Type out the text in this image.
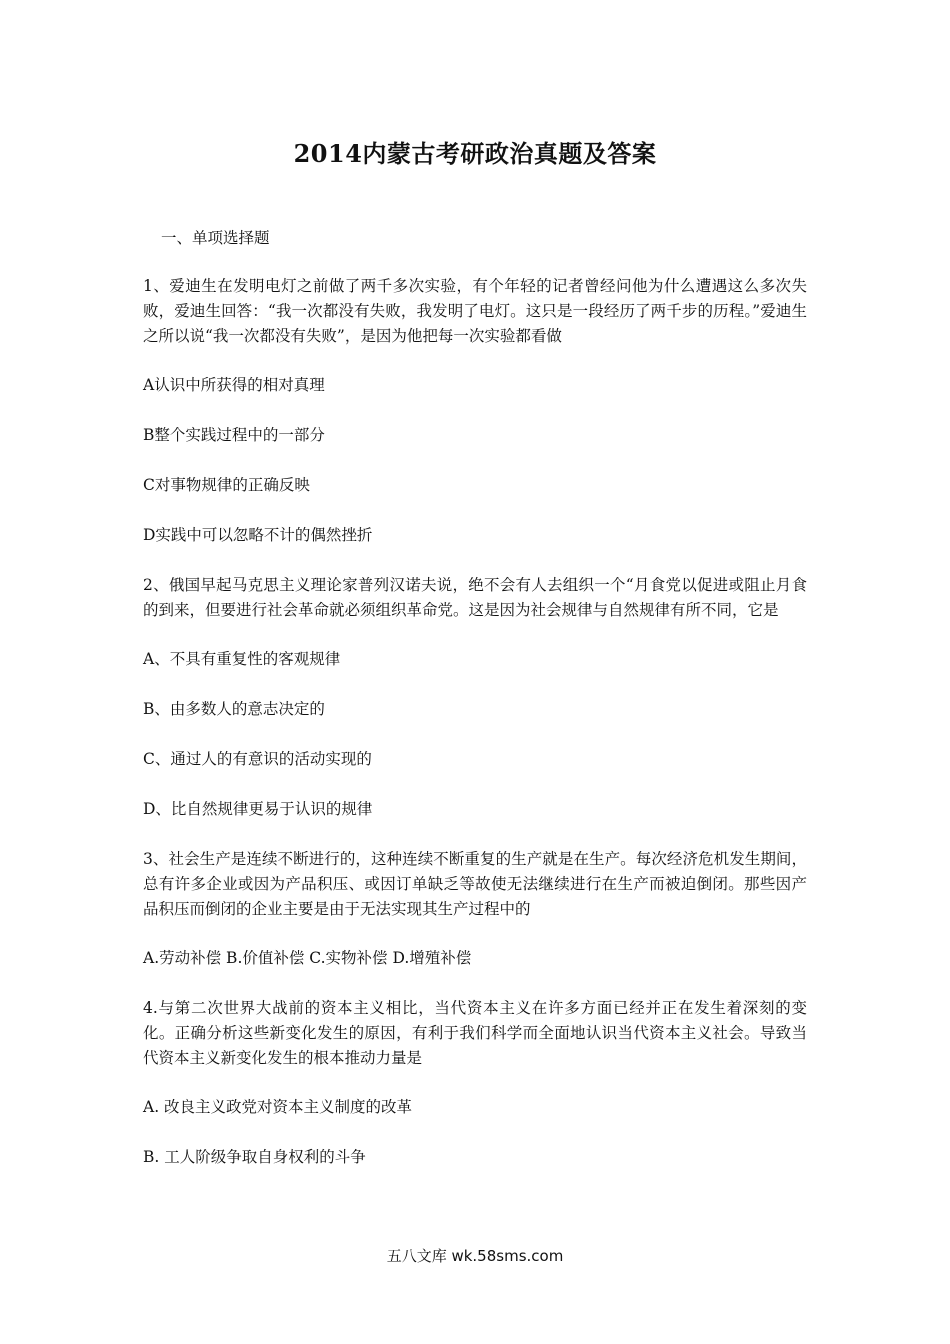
2014内蒙古考研政治真题及答案

一、单项选择题

1、爱迪生在发明电灯之前做了两千多次实验，有个年轻的记者曾经问他为什么遭遇这么多次失败，爱迪生回答：“我一次都没有失败，我发明了电灯。这只是一段经历了两千步的历程。”爱迪生之所以说“我一次都没有失败”，是因为他把每一次实验都看做

A认识中所获得的相对真理

B整个实践过程中的一部分

C对事物规律的正确反映

D实践中可以忽略不计的偶然挫折

2、俄国早起马克思主义理论家普列汉诺夫说，绝不会有人去组织一个“月食党以促进或阻止月食的到来，但要进行社会革命就必须组织革命党。这是因为社会规律与自然规律有所不同，它是

A、不具有重复性的客观规律

B、由多数人的意志决定的

C、通过人的有意识的活动实现的

D、比自然规律更易于认识的规律

3、社会生产是连续不断进行的，这种连续不断重复的生产就是在生产。每次经济危机发生期间，总有许多企业或因为产品积压、或因订单缺乏等故使无法继续进行在生产而被迫倒闭。那些因产品积压而倒闭的企业主要是由于无法实现其生产过程中的

A.劳动补偿 B.价值补偿 C.实物补偿 D.增殖补偿

4.与第二次世界大战前的资本主义相比，当代资本主义在许多方面已经并正在发生着深刻的变化。正确分析这些新变化发生的原因，有利于我们科学而全面地认识当代资本主义社会。导致当代资本主义新变化发生的根本推动力量是

A. 改良主义政党对资本主义制度的改革

B. 工人阶级争取自身权利的斗争

五八文库 wk.58sms.com
